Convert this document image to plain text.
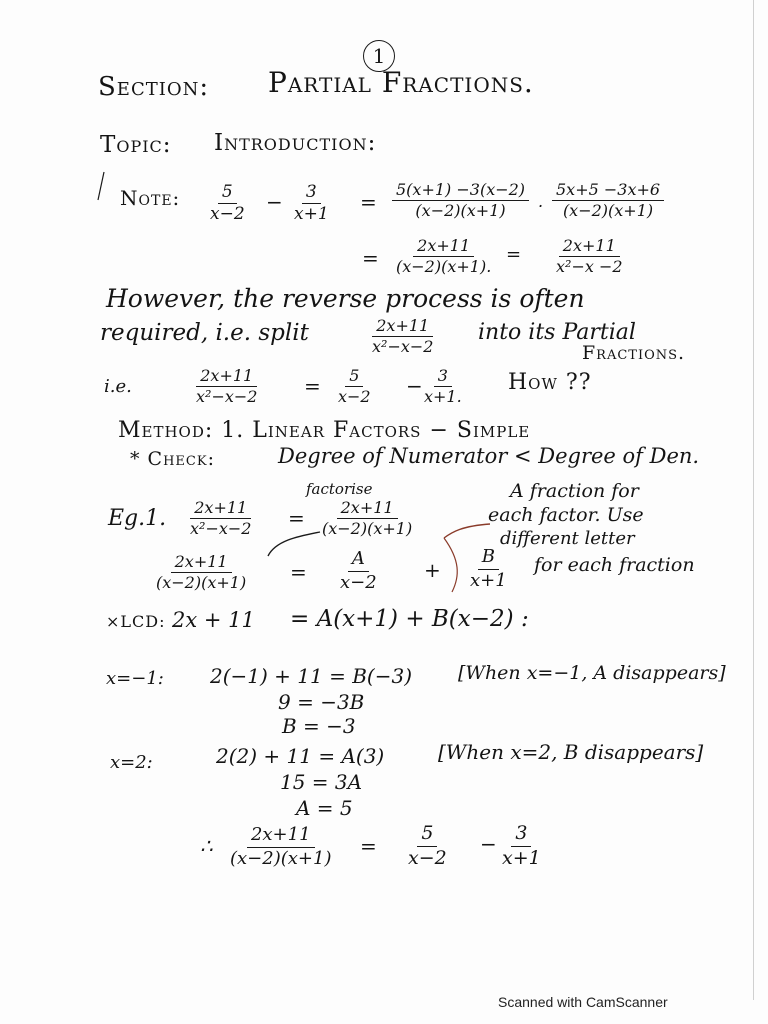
1
Section: Partial Fractions.
Topic: Introduction:
Note: $\frac{5}{x-2} - \frac{3}{x+1} = \frac{5(x+1) -3(x-2)}{(x-2)(x+1)}$ . $\frac{5x+5 -3x+6}{(x-2)(x+1)}$
= $\frac{2x+11}{(x-2)(x+1).} = \frac{2x+11}{\text{x²−x −2}}$
However, the reverse process is often
required, i.e. split	$\frac{2x+11}{\text{x²−x−2}}$ into its Partial
Fractions.
i.e.	$\frac{2x+11}{\text{x²−x−2}} = \frac{5}{x-2}$ −
$\frac{3}{x+1.}$ How ??
Method: 1. Linear Factors − Simple
* Check:	Degree of Numerator < Degree of Den.
factorise
Eg.1. $\frac{2x+11}{\text{x²−x−2}} = \frac{2x+11}{(x-2)(x+1)}$
A fraction for
each factor. Use
different letter
for each fraction
$\frac{2x+11}{(x-2)(x+1)} = \frac{A}{x-2} + \frac{B}{x+1}$
×LCD: 2x + 11 = A(x+1) + B(x−2) :
x=−1: 2(−1) + 11 = B(−3) [When x=−1, A disappears]
9 = −3B
B = −3
x=2:	2(2) + 11 = A(3)	[When x=2, B disappears]
15 = 3A
A = 5
∴ $\frac{2x+11}{(x-2)(x+1)} = \frac{5}{x-2} - \frac{3}{x+1}$
Scanned with CamScanner
